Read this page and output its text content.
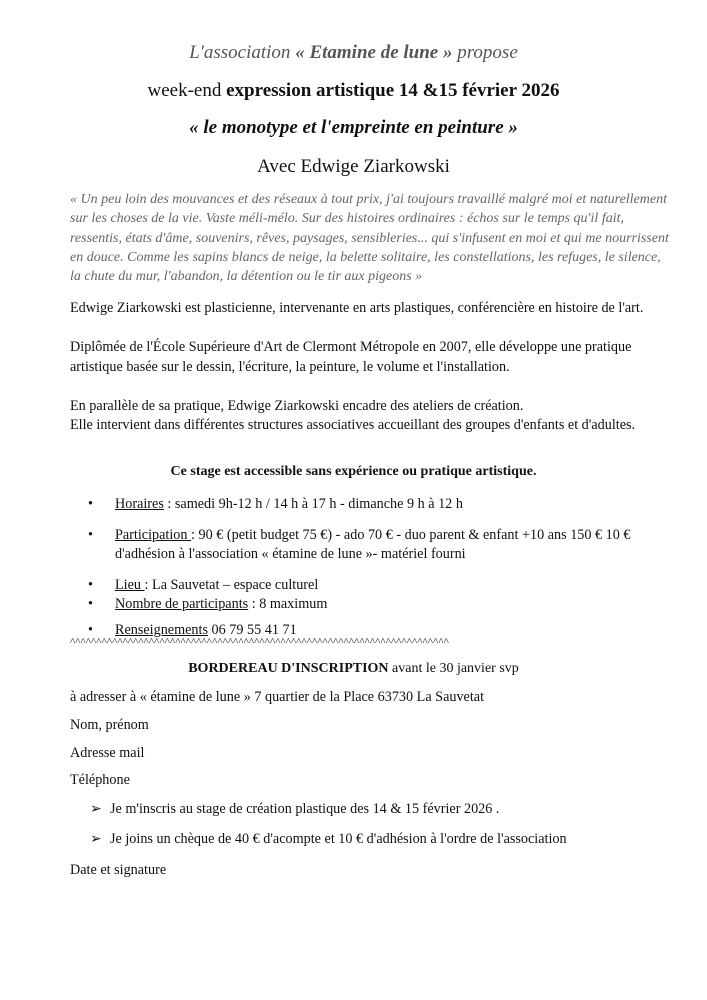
L'association « Etamine de lune » propose
week-end expression artistique 14 &15 février 2026
« le monotype et l'empreinte en peinture »
Avec Edwige Ziarkowski
« Un peu loin des mouvances et des réseaux à tout prix, j'ai toujours travaillé malgré moi et naturellement sur les choses de la vie. Vaste méli-mélo. Sur des histoires ordinaires : échos sur le temps qu'il fait, ressentis, états d'âme, souvenirs, rêves, paysages, sensibleries... qui s'infusent en moi et qui me nourrissent en douce. Comme les sapins blancs de neige, la belette solitaire, les constellations, les refuges, le silence, la chute du mur, l'abandon, la détention ou le tir aux pigeons »
Edwige Ziarkowski est plasticienne, intervenante en arts plastiques, conférencière en histoire de l'art.
Diplômée de l'École Supérieure d'Art de Clermont Métropole en 2007, elle développe une pratique artistique basée sur le dessin, l'écriture, la peinture, le volume et l'installation.
En parallèle de sa pratique, Edwige Ziarkowski encadre des ateliers de création.
Elle intervient dans différentes structures associatives accueillant des groupes d'enfants et d'adultes.
Ce stage est accessible sans expérience ou pratique artistique.
• Horaires : samedi 9h-12 h / 14 h à 17 h - dimanche 9 h à 12 h
• Participation : 90 € (petit budget 75 €) - ado 70 € - duo parent & enfant +10 ans 150 € 10 € d'adhésion à l'association « étamine de lune »- matériel fourni
• Lieu : La Sauvetat – espace culturel
• Nombre de participants : 8 maximum
• Renseignements 06 79 55 41 71
^^^^^^^^^^^^^^^^^^^^^^^^^^^^^^^^^^^^^^^^^^^^^^^^^^^^^^^^^^^^^^^^^^^^^^^^
BORDEREAU D'INSCRIPTION avant le 30 janvier svp
à adresser à « étamine de lune » 7 quartier de la Place 63730 La Sauvetat
Nom, prénom
Adresse mail
Téléphone
➢ Je m'inscris au stage de création plastique des 14 & 15 février 2026 .
➢ Je joins un chèque de 40 € d'acompte et 10 € d'adhésion à l'ordre de l'association
Date et signature
